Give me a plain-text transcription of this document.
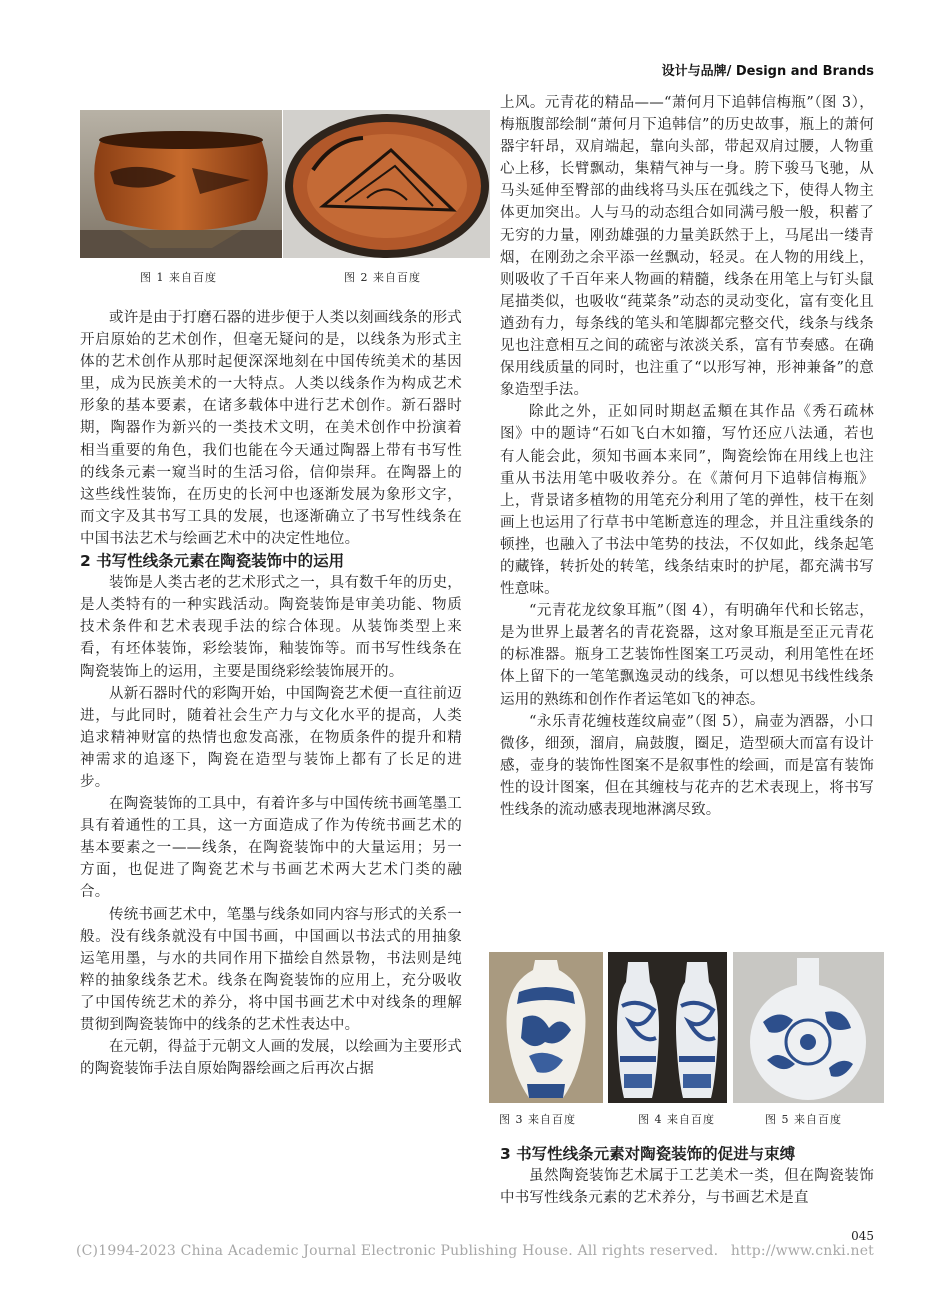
设计与品牌/ Design and Brands
图 1 来自百度	图 2 来自百度

或许是由于打磨石器的进步便于人类以刻画线条的形式开启原始的艺术创作，但毫无疑问的是，以线条为形式主体的艺术创作从那时起便深深地刻在中国传统美术的基因里，成为民族美术的一大特点。人类以线条作为构成艺术形象的基本要素，在诸多载体中进行艺术创作。新石器时期，陶器作为新兴的一类技术文明，在美术创作中扮演着相当重要的角色，我们也能在今天通过陶器上带有书写性的线条元素一窥当时的生活习俗，信仰崇拜。在陶器上的这些线性装饰，在历史的长河中也逐渐发展为象形文字，而文字及其书写工具的发展，也逐渐确立了书写性线条在中国书法艺术与绘画艺术中的决定性地位。

2 书写性线条元素在陶瓷装饰中的运用

装饰是人类古老的艺术形式之一，具有数千年的历史，是人类特有的一种实践活动。陶瓷装饰是审美功能、物质技术条件和艺术表现手法的综合体现。从装饰类型上来看，有坯体装饰，彩绘装饰，釉装饰等。而书写性线条在陶瓷装饰上的运用，主要是围绕彩绘装饰展开的。

从新石器时代的彩陶开始，中国陶瓷艺术便一直往前迈进，与此同时，随着社会生产力与文化水平的提高，人类追求精神财富的热情也愈发高涨，在物质条件的提升和精神需求的追逐下，陶瓷在造型与装饰上都有了长足的进步。

在陶瓷装饰的工具中，有着许多与中国传统书画笔墨工具有着通性的工具，这一方面造成了作为传统书画艺术的基本要素之一——线条，在陶瓷装饰中的大量运用；另一方面，也促进了陶瓷艺术与书画艺术两大艺术门类的融合。

传统书画艺术中，笔墨与线条如同内容与形式的关系一般。没有线条就没有中国书画，中国画以书法式的用抽象运笔用墨，与水的共同作用下描绘自然景物，书法则是纯粹的抽象线条艺术。线条在陶瓷装饰的应用上，充分吸收了中国传统艺术的养分，将中国书画艺术中对线条的理解贯彻到陶瓷装饰中的线条的艺术性表达中。

在元朝，得益于元朝文人画的发展，以绘画为主要形式的陶瓷装饰手法自原始陶器绘画之后再次占据

上风。元青花的精品——“萧何月下追韩信梅瓶”（图 3），梅瓶腹部绘制“萧何月下追韩信”的历史故事，瓶上的萧何器宇轩昂，双肩端起，靠向头部，带起双肩过腰，人物重心上移，长臂飘动，集精气神与一身。胯下骏马飞驰，从马头延伸至臀部的曲线将马头压在弧线之下，使得人物主体更加突出。人与马的动态组合如同满弓般一般，积蓄了无穷的力量，刚劲雄强的力量美跃然于上，马尾出一缕青烟，在刚劲之余平添一丝飘动，轻灵。在人物的用线上，则吸收了千百年来人物画的精髓，线条在用笔上与钉头鼠尾描类似，也吸收“莼菜条”动态的灵动变化，富有变化且遒劲有力，每条线的笔头和笔脚都完整交代，线条与线条见也注意相互之间的疏密与浓淡关系，富有节奏感。在确保用线质量的同时，也注重了“以形写神，形神兼备”的意象造型手法。

除此之外，正如同时期赵孟頫在其作品《秀石疏林图》中的题诗“石如飞白木如籀，写竹还应八法通，若也有人能会此，须知书画本来同”，陶瓷绘饰在用线上也注重从书法用笔中吸收养分。在《萧何月下追韩信梅瓶》上，背景诸多植物的用笔充分利用了笔的弹性，枝干在刻画上也运用了行草书中笔断意连的理念，并且注重线条的顿挫，也融入了书法中笔势的技法，不仅如此，线条起笔的藏锋，转折处的转笔，线条结束时的护尾，都充满书写性意味。

“元青花龙纹象耳瓶”（图 4），有明确年代和长铭志，是为世界上最著名的青花瓷器，这对象耳瓶是至正元青花的标准器。瓶身工艺装饰性图案工巧灵动，利用笔性在坯体上留下的一笔笔飘逸灵动的线条，可以想见书线性线条运用的熟练和创作作者运笔如飞的神态。

“永乐青花缠枝莲纹扁壶”（图 5），扁壶为酒器，小口微侈，细颈，溜肩，扁鼓腹，圈足，造型硕大而富有设计感，壶身的装饰性图案不是叙事性的绘画，而是富有装饰性的设计图案，但在其缠枝与花卉的艺术表现上，将书写性线条的流动感表现地淋漓尽致。

图 3 来自百度	图 4 来自百度	图 5 来自百度
3 书写性线条元素对陶瓷装饰的促进与束缚

虽然陶瓷装饰艺术属于工艺美术一类，但在陶瓷装饰中书写性线条元素的艺术养分，与书画艺术是直

045
(C)1994-2023 China Academic Journal Electronic Publishing House. All rights reserved. http://www.cnki.net
